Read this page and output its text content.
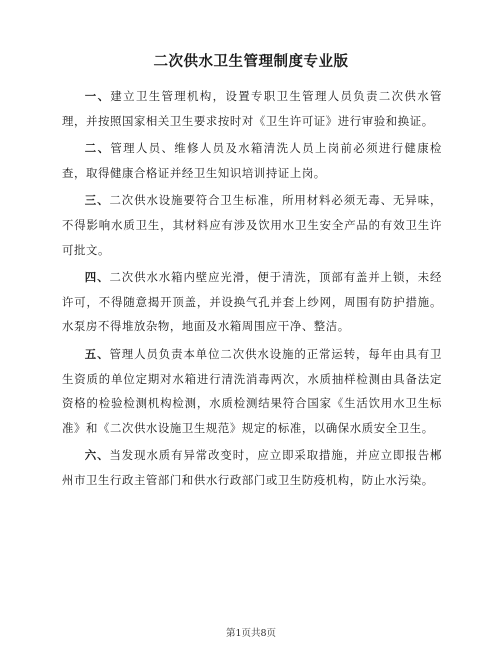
二次供水卫生管理制度专业版

一、建立卫生管理机构，设置专职卫生管理人员负责二次供水管理，并按照国家相关卫生要求按时对《卫生许可证》进行审验和换证。

二、管理人员、维修人员及水箱清洗人员上岗前必须进行健康检查，取得健康合格证并经卫生知识培训持证上岗。

三、二次供水设施要符合卫生标准，所用材料必须无毒、无异味，不得影响水质卫生，其材料应有涉及饮用水卫生安全产品的有效卫生许可批文。

四、二次供水水箱内壁应光滑，便于清洗，顶部有盖并上锁，未经许可，不得随意揭开顶盖，并设换气孔并套上纱网，周围有防护措施。水泵房不得堆放杂物，地面及水箱周围应干净、整洁。

五、管理人员负责本单位二次供水设施的正常运转，每年由具有卫生资质的单位定期对水箱进行清洗消毒两次，水质抽样检测由具备法定资格的检验检测机构检测，水质检测结果符合国家《生活饮用水卫生标准》和《二次供水设施卫生规范》规定的标准，以确保水质安全卫生。

六、当发现水质有异常改变时，应立即采取措施，并应立即报告郴州市卫生行政主管部门和供水行政部门或卫生防疫机构，防止水污染。

第1页共8页
